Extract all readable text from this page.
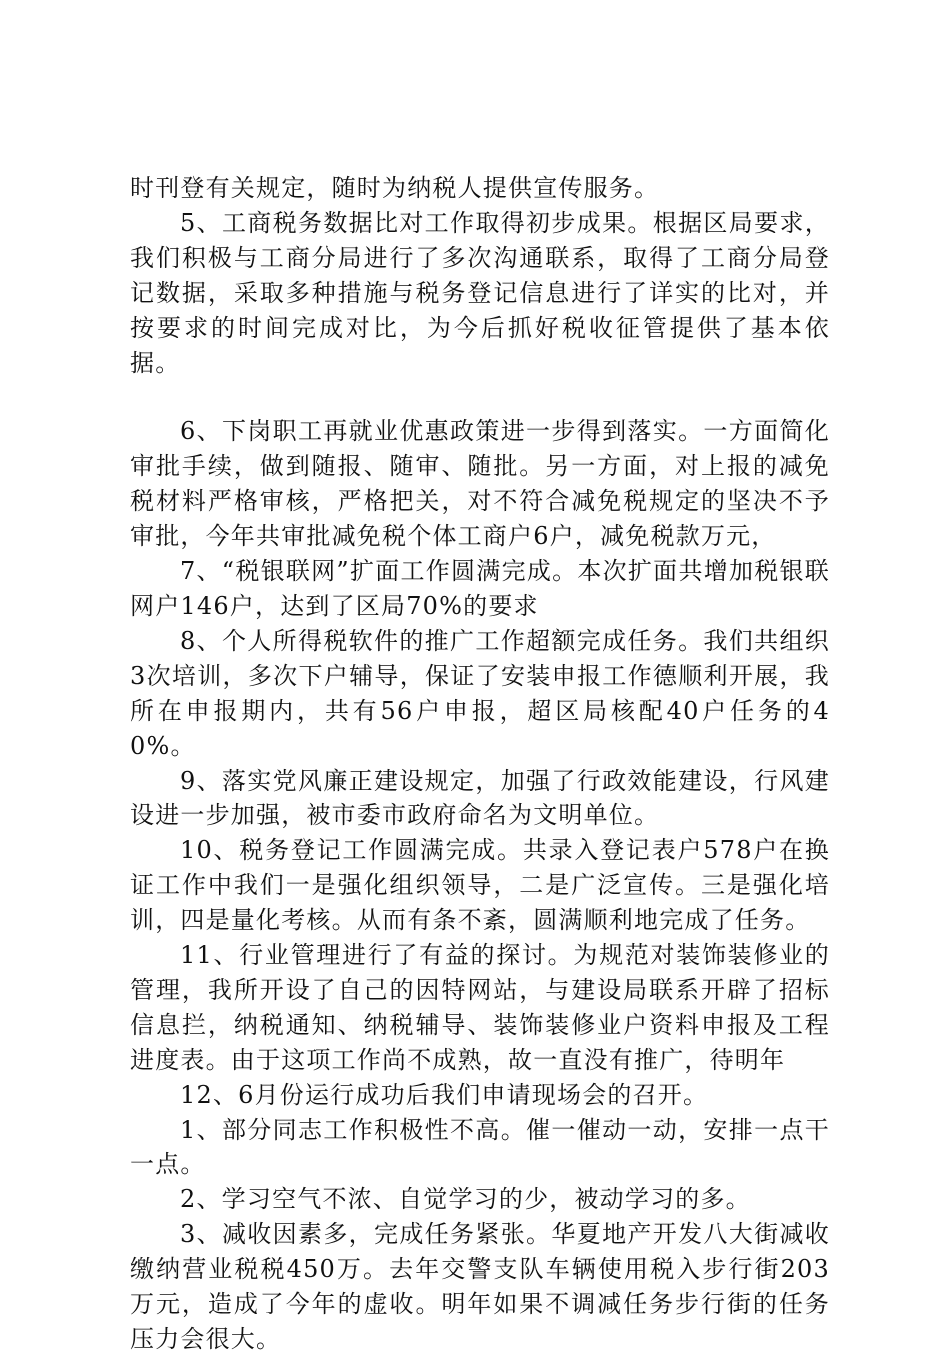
时刊登有关规定，随时为纳税人提供宣传服务。

5、工商税务数据比对工作取得初步成果。根据区局要求，我们积极与工商分局进行了多次沟通联系，取得了工商分局登记数据，采取多种措施与税务登记信息进行了详实的比对，并按要求的时间完成对比，为今后抓好税收征管提供了基本依据。

6、下岗职工再就业优惠政策进一步得到落实。一方面简化审批手续，做到随报、随审、随批。另一方面，对上报的减免税材料严格审核，严格把关，对不符合减免税规定的坚决不予审批，今年共审批减免税个体工商户6户，减免税款万元，

7、“税银联网”扩面工作圆满完成。本次扩面共增加税银联网户146户，达到了区局70%的要求

8、个人所得税软件的推广工作超额完成任务。我们共组织3次培训，多次下户辅导，保证了安装申报工作德顺利开展，我所在申报期内，共有56户申报，超区局核配40户任务的40%。

9、落实党风廉正建设规定，加强了行政效能建设，行风建设进一步加强，被市委市政府命名为文明单位。

10、税务登记工作圆满完成。共录入登记表户578户在换证工作中我们一是强化组织领导，二是广泛宣传。三是强化培训，四是量化考核。从而有条不紊，圆满顺利地完成了任务。

11、行业管理进行了有益的探讨。为规范对装饰装修业的管理，我所开设了自己的因特网站，与建设局联系开辟了招标信息拦，纳税通知、纳税辅导、装饰装修业户资料申报及工程进度表。由于这项工作尚不成熟，故一直没有推广，待明年

12、6月份运行成功后我们申请现场会的召开。

1、部分同志工作积极性不高。催一催动一动，安排一点干一点。

2、学习空气不浓、自觉学习的少，被动学习的多。

3、减收因素多，完成任务紧张。华夏地产开发八大街减收缴纳营业税税450万。去年交警支队车辆使用税入步行街203万元，造成了今年的虚收。明年如果不调减任务步行街的任务压力会很大。
